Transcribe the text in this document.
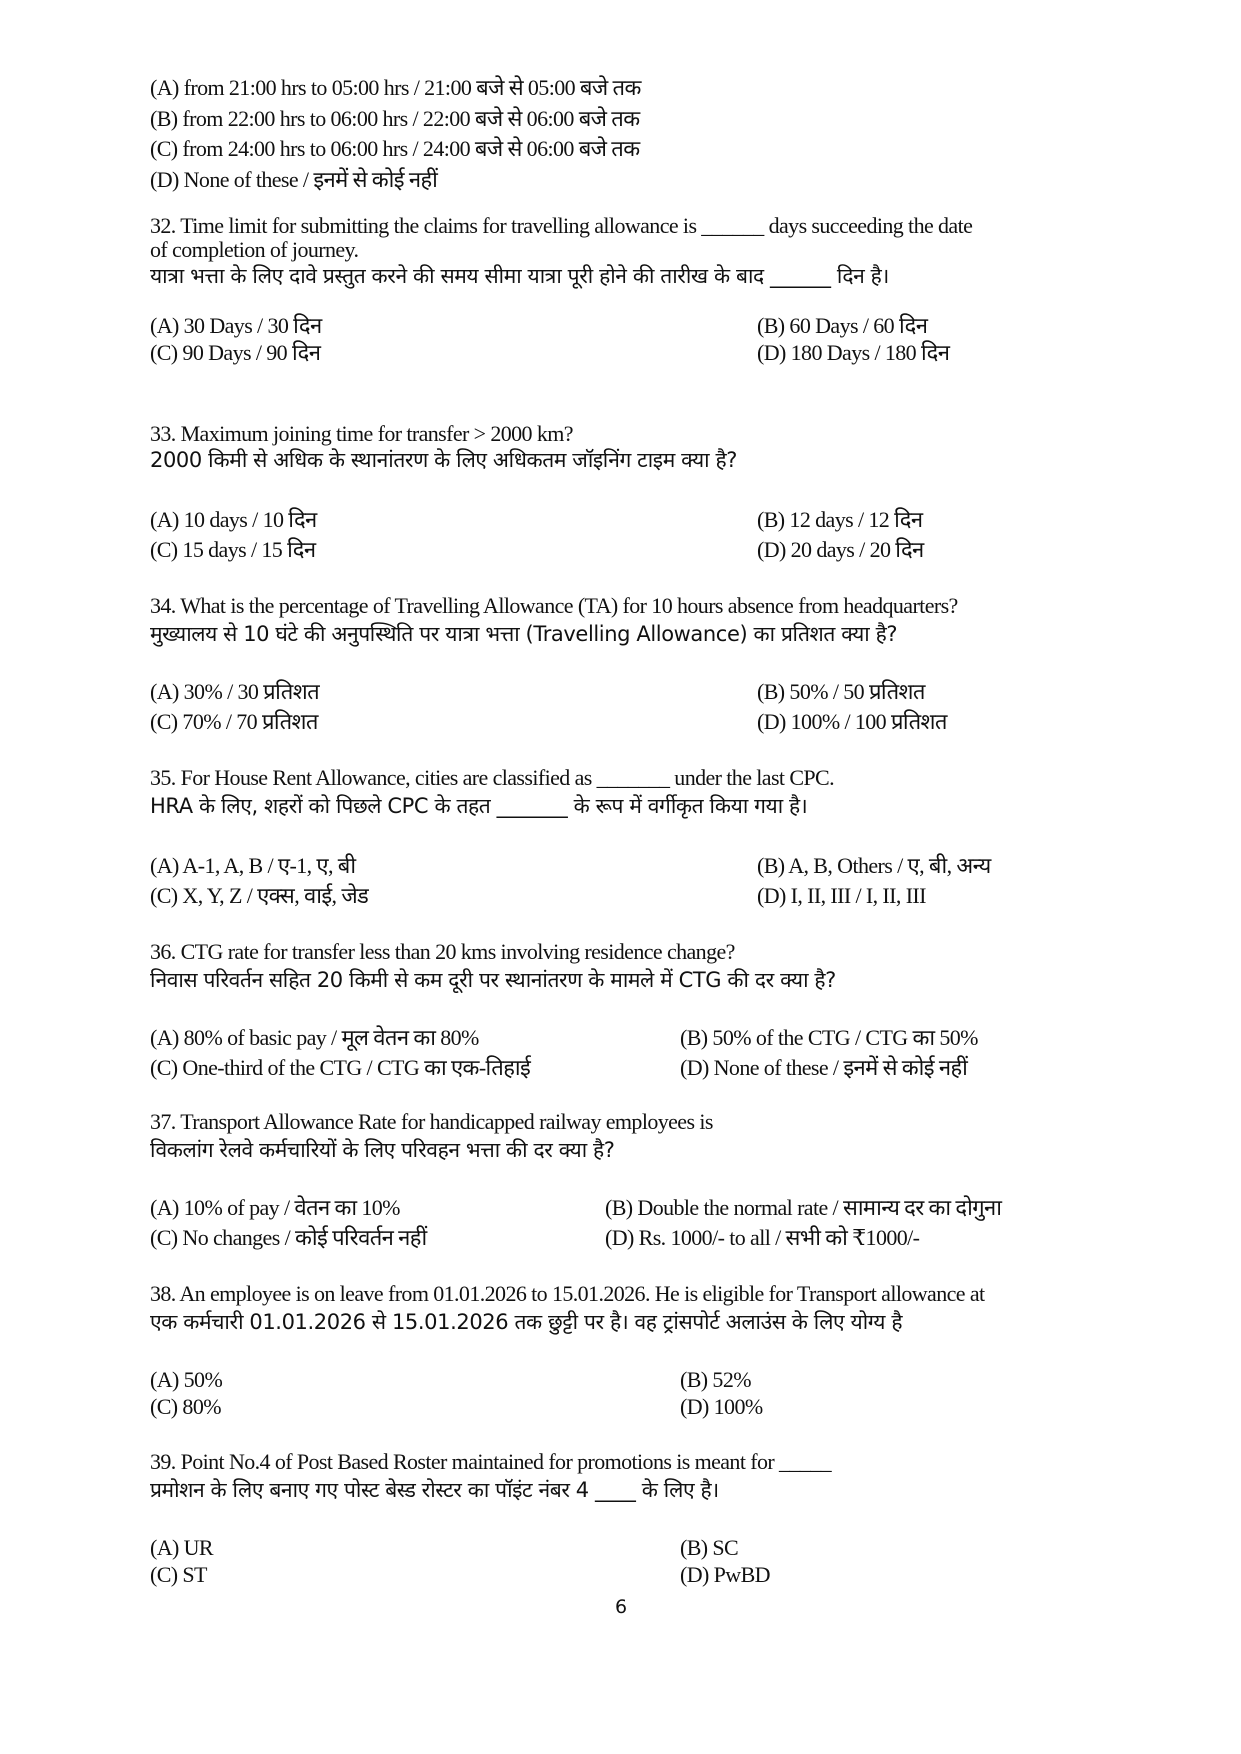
(A) from 21:00 hrs to 05:00 hrs / 21:00 बजे से 05:00 बजे तक
(B) from 22:00 hrs to 06:00 hrs / 22:00 बजे से 06:00 बजे तक
(C) from 24:00 hrs to 06:00 hrs / 24:00 बजे से 06:00 बजे तक
(D) None of these / इनमें से कोई नहीं
32. Time limit for submitting the claims for travelling allowance is ______ days succeeding the date
of completion of journey.
यात्रा भत्ता के लिए दावे प्रस्तुत करने की समय सीमा यात्रा पूरी होने की तारीख के बाद ______ दिन है।
(A) 30 Days / 30 दिन	(B) 60 Days / 60 दिन
(C) 90 Days / 90 दिन	(D) 180 Days / 180 दिन
33. Maximum joining time for transfer > 2000 km?
2000 किमी से अधिक के स्थानांतरण के लिए अधिकतम जॉइनिंग टाइम क्या है?
(A) 10 days / 10 दिन	(B) 12 days / 12 दिन
(C) 15 days / 15 दिन	(D) 20 days / 20 दिन
34. What is the percentage of Travelling Allowance (TA) for 10 hours absence from headquarters?
मुख्यालय से 10 घंटे की अनुपस्थिति पर यात्रा भत्ता (Travelling Allowance) का प्रतिशत क्या है?
(A) 30% / 30 प्रतिशत	(B) 50% / 50 प्रतिशत
(C) 70% / 70 प्रतिशत	(D) 100% / 100 प्रतिशत
35. For House Rent Allowance, cities are classified as _______ under the last CPC.
HRA के लिए, शहरों को पिछले CPC के तहत _______ के रूप में वर्गीकृत किया गया है।
(A) A-1, A, B / ए-1, ए, बी	(B) A, B, Others / ए, बी, अन्य
(C) X, Y, Z / एक्स, वाई, जेड	(D) I, II, III / I, II, III
36. CTG rate for transfer less than 20 kms involving residence change?
निवास परिवर्तन सहित 20 किमी से कम दूरी पर स्थानांतरण के मामले में CTG की दर क्या है?
(A) 80% of basic pay / मूल वेतन का 80%	(B) 50% of the CTG / CTG का 50%
(C) One-third of the CTG / CTG का एक-तिहाई	(D) None of these / इनमें से कोई नहीं
37. Transport Allowance Rate for handicapped railway employees is
विकलांग रेलवे कर्मचारियों के लिए परिवहन भत्ता की दर क्या है?
(A) 10% of pay / वेतन का 10%	(B) Double the normal rate / सामान्य दर का दोगुना
(C) No changes / कोई परिवर्तन नहीं	(D) Rs. 1000/- to all / सभी को ₹1000/-
38. An employee is on leave from 01.01.2026 to 15.01.2026. He is eligible for Transport allowance at
एक कर्मचारी 01.01.2026 से 15.01.2026 तक छुट्टी पर है। वह ट्रांसपोर्ट अलाउंस के लिए योग्य है
(A) 50%	(B) 52%
(C) 80%	(D) 100%
39. Point No.4 of Post Based Roster maintained for promotions is meant for _____
प्रमोशन के लिए बनाए गए पोस्ट बेस्ड रोस्टर का पॉइंट नंबर 4 ____ के लिए है।
(A) UR	(B) SC
(C) ST	(D) PwBD
6
